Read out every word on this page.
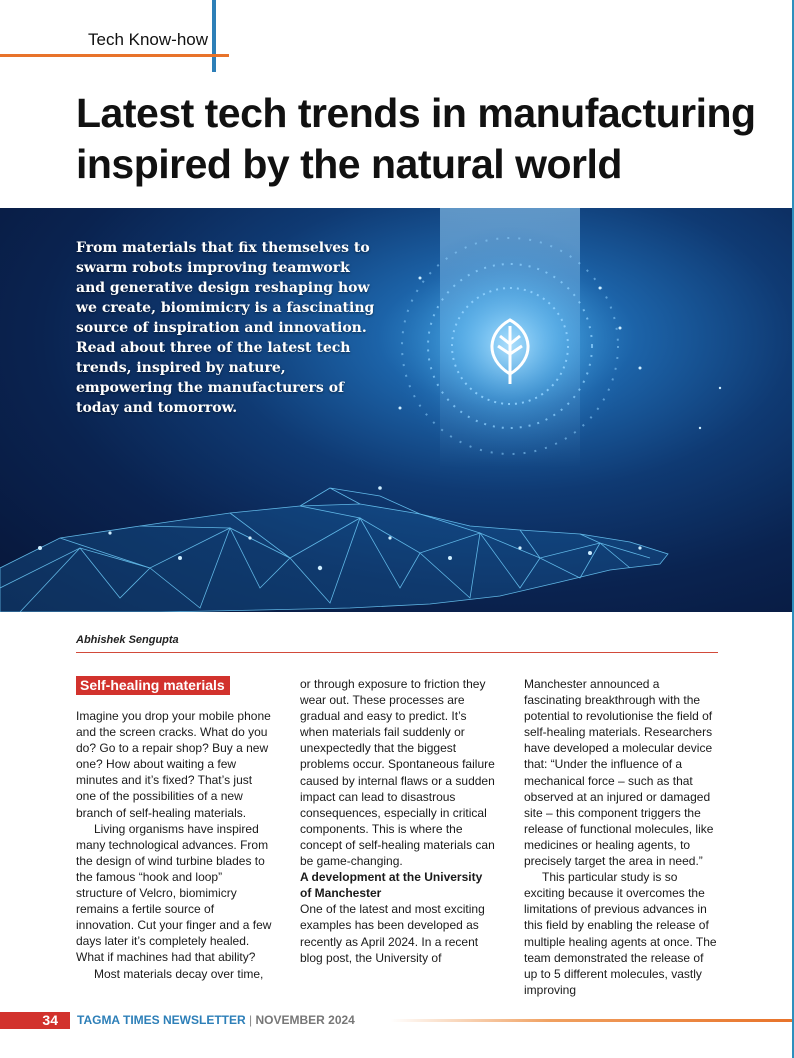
Tech Know-how
Latest tech trends in manufacturing
inspired by the natural world

From materials that fix themselves to swarm robots improving teamwork and generative design reshaping how we create, biomimicry is a fascinating source of inspiration and innovation. Read about three of the latest tech trends, inspired by nature, empowering the manufacturers of today and tomorrow.

Abhishek Sengupta
Self-healing materials

Imagine you drop your mobile phone and the screen cracks. What do you do? Go to a repair shop? Buy a new one? How about waiting a few minutes and it’s fixed? That’s just one of the possibilities of a new branch of self-healing materials.

Living organisms have inspired many technological advances. From the design of wind turbine blades to the famous “hook and loop” structure of Velcro, biomimicry remains a fertile source of innovation. Cut your finger and a few days later it’s completely healed. What if machines had that ability?

Most materials decay over time,

or through exposure to friction they wear out. These processes are gradual and easy to predict. It’s when materials fail suddenly or unexpectedly that the biggest problems occur. Spontaneous failure caused by internal flaws or a sudden impact can lead to disastrous consequences, especially in critical components. This is where the concept of self-healing materials can be game-changing.

A development at the University of Manchester

One of the latest and most exciting examples has been developed as recently as April 2024. In a recent blog post, the University of

Manchester announced a fascinating breakthrough with the potential to revolutionise the field of self-healing materials. Researchers have developed a molecular device that: “Under the influence of a mechanical force – such as that observed at an injured or damaged site – this component triggers the release of functional molecules, like medicines or healing agents, to precisely target the area in need.”

This particular study is so exciting because it overcomes the limitations of previous advances in this field by enabling the release of multiple healing agents at once. The team demonstrated the release of up to 5 different molecules, vastly improving

34	TAGMA TIMES NEWSLETTER | NOVEMBER 2024
